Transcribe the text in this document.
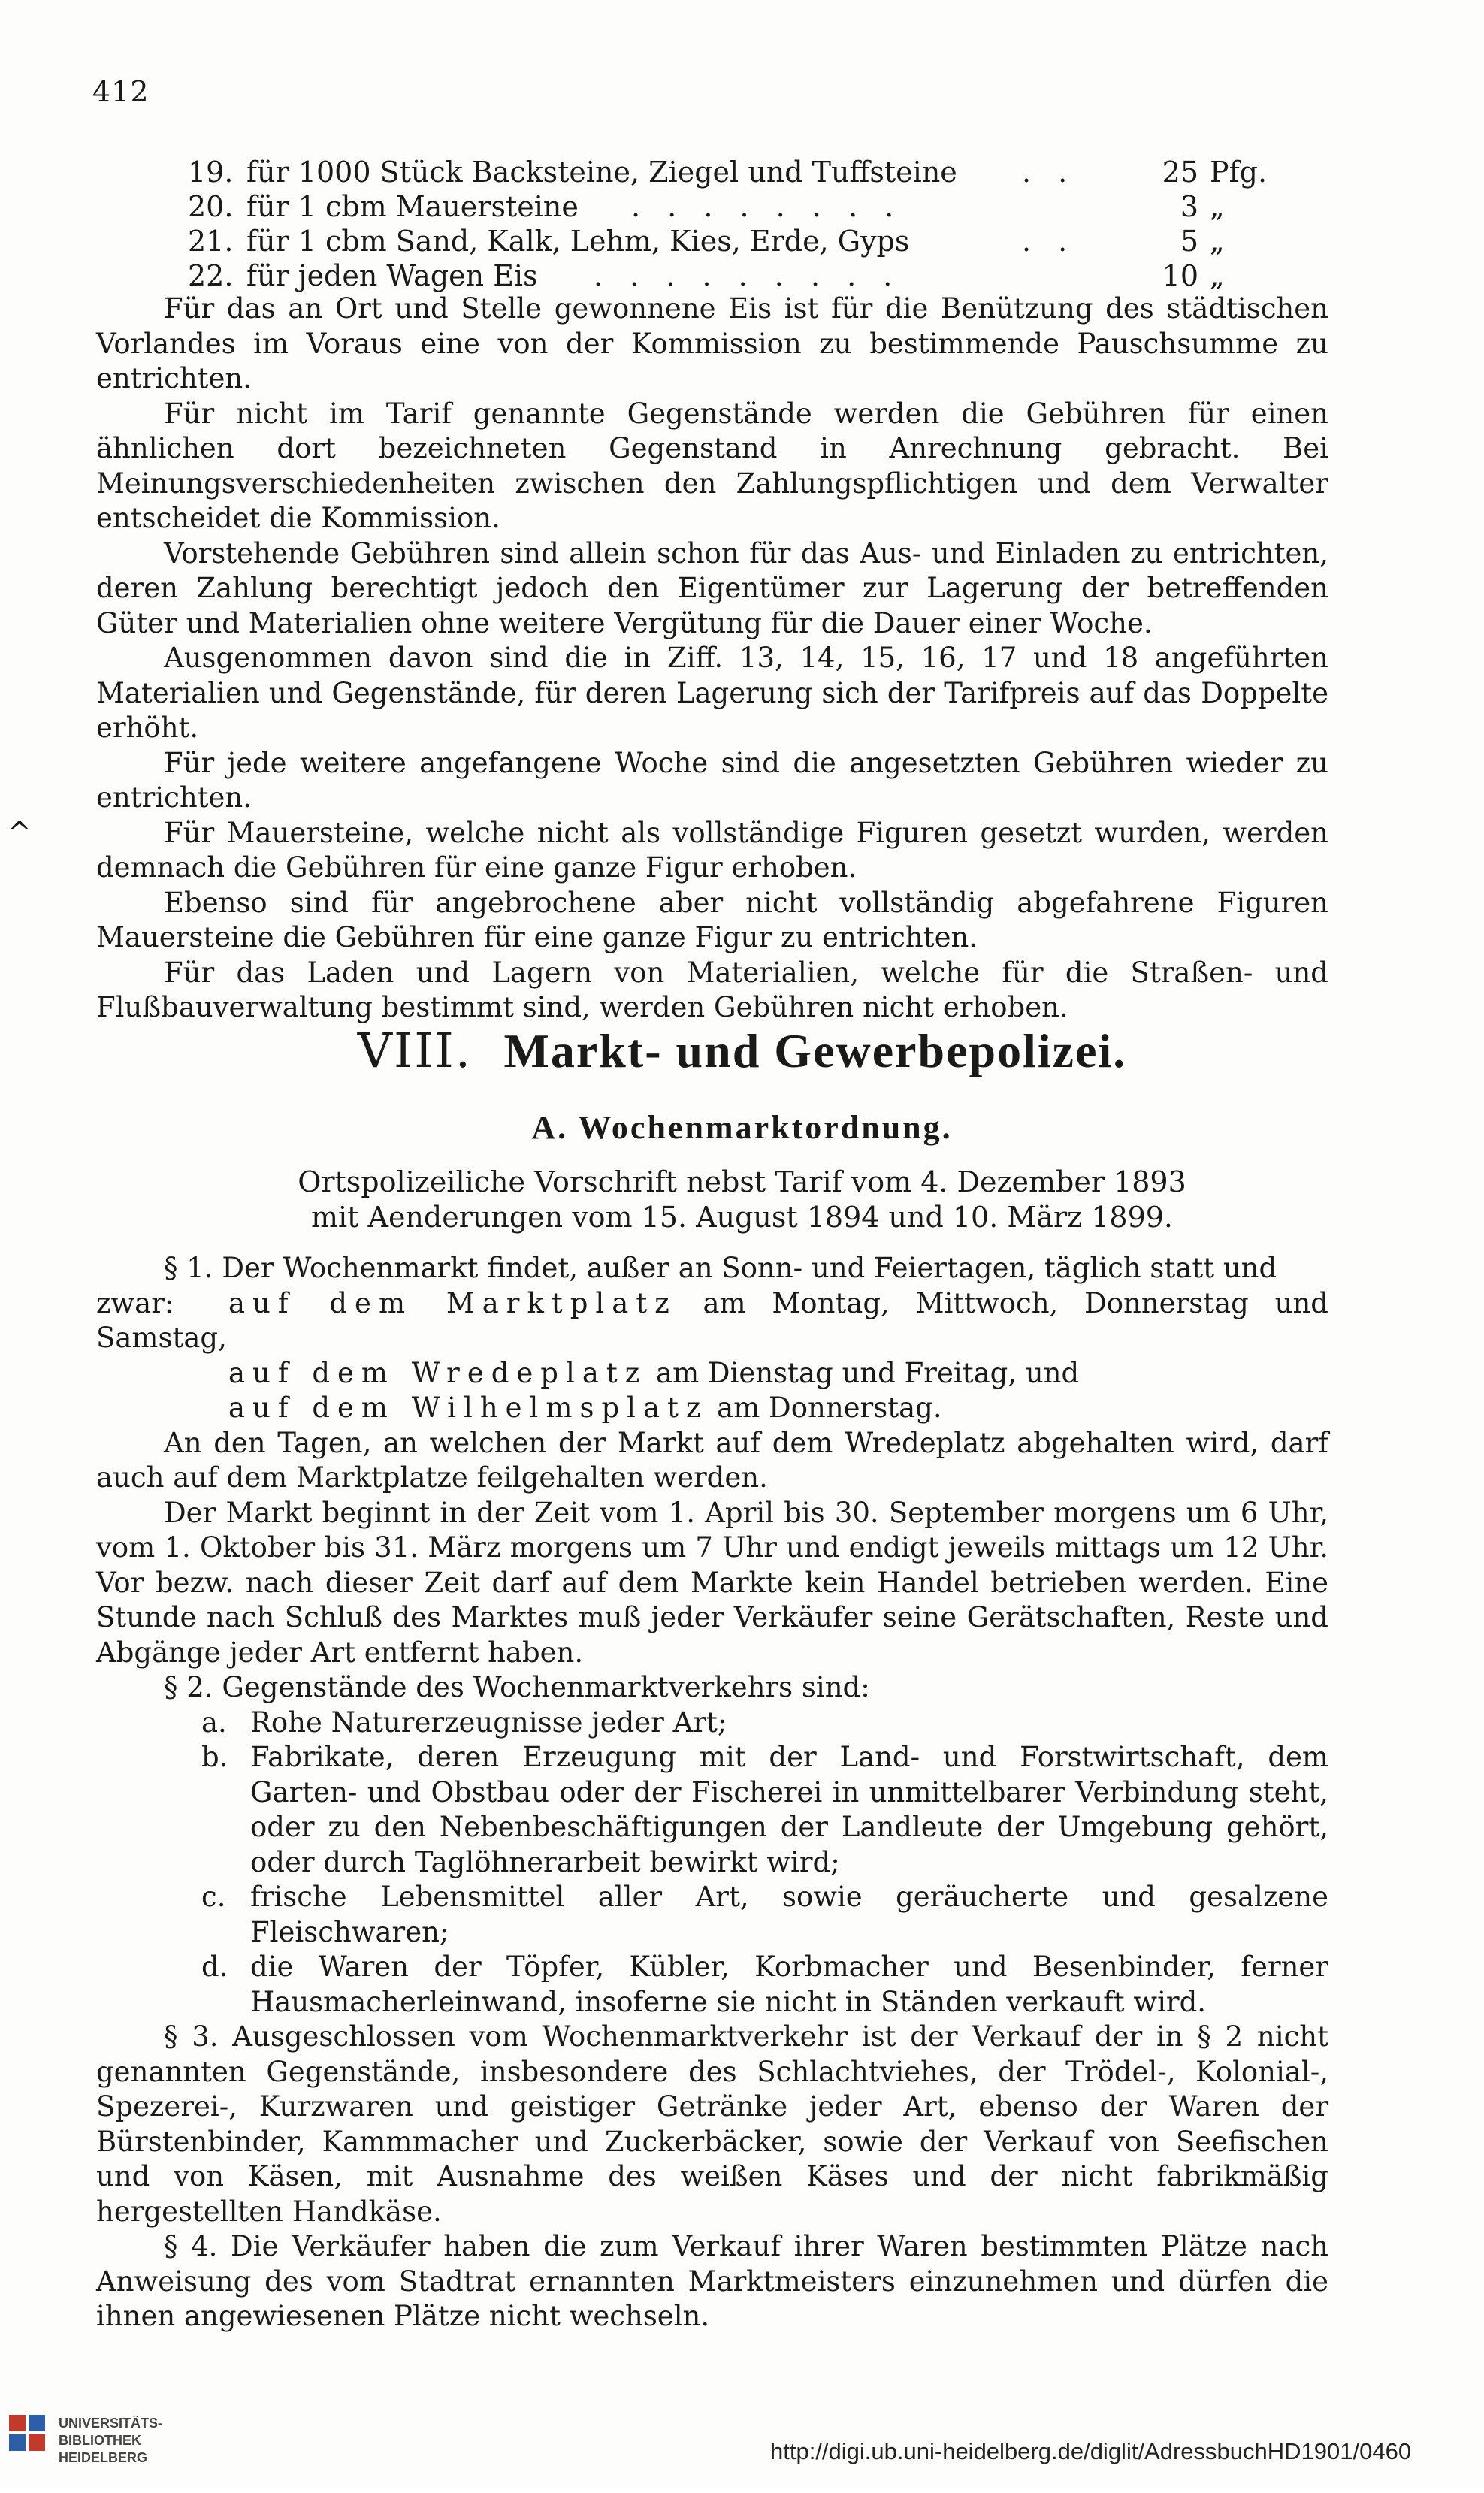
412
19. für 1000 Stück Backsteine, Ziegel und Tuffsteine . .	25 Pfg.
20. für 1 cbm Mauersteine . . . . . . . .	3 „
21. für 1 cbm Sand, Kalk, Lehm, Kies, Erde, Gyps	. .	5 „
22. für jeden Wagen Eis . . . . . . . . .	10 „

Für das an Ort und Stelle gewonnene Eis ist für die Benützung des städtischen Vorlandes im Voraus eine von der Kommission zu bestimmende Pauschsumme zu entrichten.

Für nicht im Tarif genannte Gegenstände werden die Gebühren für einen ähnlichen dort bezeichneten Gegenstand in Anrechnung gebracht. Bei Meinungsverschiedenheiten zwischen den Zahlungspflichtigen und dem Verwalter entscheidet die Kommission.

Vorstehende Gebühren sind allein schon für das Aus- und Einladen zu entrichten, deren Zahlung berechtigt jedoch den Eigentümer zur Lagerung der betreffenden Güter und Materialien ohne weitere Vergütung für die Dauer einer Woche.

Ausgenommen davon sind die in Ziff. 13, 14, 15, 16, 17 und 18 angeführten Materialien und Gegenstände, für deren Lagerung sich der Tarifpreis auf das Doppelte erhöht.

Für jede weitere angefangene Woche sind die angesetzten Gebühren wieder zu entrichten.

Für Mauersteine, welche nicht als vollständige Figuren gesetzt wurden, werden demnach die Gebühren für eine ganze Figur erhoben.

Ebenso sind für angebrochene aber nicht vollständig abgefahrene Figuren Mauersteine die Gebühren für eine ganze Figur zu entrichten.

Für das Laden und Lagern von Materialien, welche für die Straßen- und Flußbauverwaltung bestimmt sind, werden Gebühren nicht erhoben.

^
VIII. Markt- und Gewerbepolizei.
A. Wochenmarktordnung.
Ortspolizeiliche Vorschrift nebst Tarif vom 4. Dezember 1893
mit Aenderungen vom 15. August 1894 und 10. März 1899.
§ 1. Der Wochenmarkt findet, außer an Sonn- und Feiertagen, täglich statt und
zwar: auf dem Marktplatz am Montag, Mittwoch, Donnerstag und Samstag,
auf dem Wredeplatz am Dienstag und Freitag, und
auf dem Wilhelmsplatz am Donnerstag.

An den Tagen, an welchen der Markt auf dem Wredeplatz abgehalten wird, darf auch auf dem Marktplatze feilgehalten werden.

Der Markt beginnt in der Zeit vom 1. April bis 30. September morgens um 6 Uhr, vom 1. Oktober bis 31. März morgens um 7 Uhr und endigt jeweils mittags um 12 Uhr. Vor bezw. nach dieser Zeit darf auf dem Markte kein Handel betrieben werden. Eine Stunde nach Schluß des Marktes muß jeder Verkäufer seine Gerätschaften, Reste und Abgänge jeder Art entfernt haben.

§ 2. Gegenstände des Wochenmarktverkehrs sind:

a. Rohe Naturerzeugnisse jeder Art;
b. Fabrikate, deren Erzeugung mit der Land- und Forstwirtschaft, dem Garten- und Obstbau oder der Fischerei in unmittelbarer Verbindung steht, oder zu den Nebenbeschäftigungen der Landleute der Umgebung gehört, oder durch Taglöhnerarbeit bewirkt wird;
c. frische Lebensmittel aller Art, sowie geräucherte und gesalzene Fleischwaren;
d. die Waren der Töpfer, Kübler, Korbmacher und Besenbinder, ferner Hausmacherleinwand, insoferne sie nicht in Ständen verkauft wird.

§ 3. Ausgeschlossen vom Wochenmarktverkehr ist der Verkauf der in § 2 nicht genannten Gegenstände, insbesondere des Schlachtviehes, der Trödel-, Kolonial-, Spezerei-, Kurzwaren und geistiger Getränke jeder Art, ebenso der Waren der Bürstenbinder, Kammmacher und Zuckerbäcker, sowie der Verkauf von Seefischen und von Käsen, mit Ausnahme des weißen Käses und der nicht fabrikmäßig hergestellten Handkäse.

§ 4. Die Verkäufer haben die zum Verkauf ihrer Waren bestimmten Plätze nach Anweisung des vom Stadtrat ernannten Marktmeisters einzunehmen und dürfen die ihnen angewiesenen Plätze nicht wechseln.

UNIVERSITÄTS-
BIBLIOTHEK
HEIDELBERG	http://digi.ub.uni-heidelberg.de/diglit/AdressbuchHD1901/0460
